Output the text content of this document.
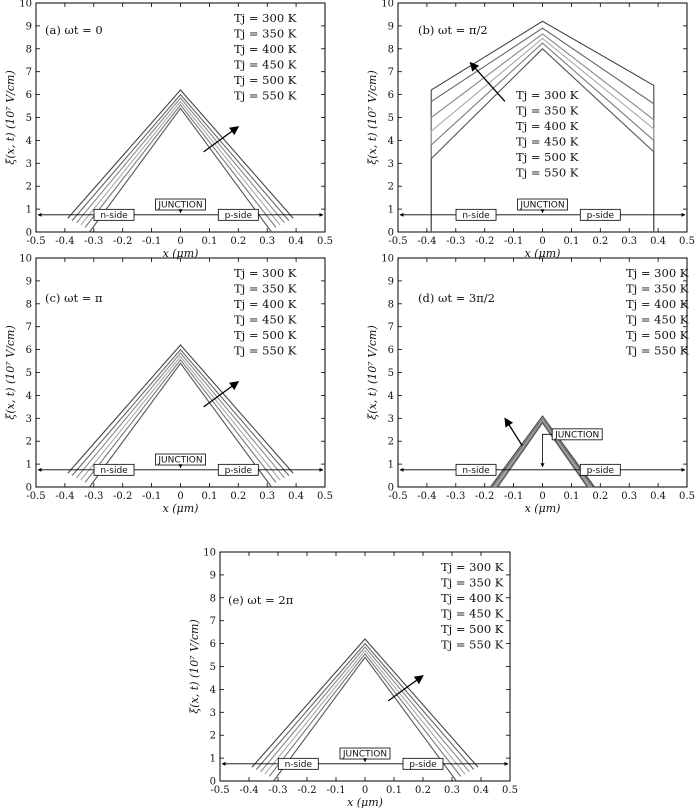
-0.5 -0.4 -0.3 -0.2 -0.1 0 0.1 0.2 0.3 0.4 0.5
0
1
2
3
4
5
6
7
8
9
10
x (μm)
ξ(x, t) (10⁷ V/cm)
n-side	p-side
JUNCTION
(a) ωt = 0
Tj = 300 K
Tj = 350 K
Tj = 400 K
Tj = 450 K
Tj = 500 K
Tj = 550 K
-0.5 -0.4 -0.3 -0.2 -0.1 0 0.1 0.2 0.3 0.4 0.5
0
1
2
3
4
5
6
7
8
9
10
x (μm)
ξ(x, t) (10⁷ V/cm)
n-side	p-side
JUNCTION
(b) ωt = π/2
Tj = 300 K
Tj = 350 K
Tj = 400 K
Tj = 450 K
Tj = 500 K
Tj = 550 K
-0.5 -0.4 -0.3 -0.2 -0.1 0 0.1 0.2 0.3 0.4 0.5
0
1
2
3
4
5
6
7
8
9
10
x (μm)
ξ(x, t) (10⁷ V/cm)
n-side	p-side
JUNCTION
(c) ωt = π
Tj = 300 K
Tj = 350 K
Tj = 400 K
Tj = 450 K
Tj = 500 K
Tj = 550 K
-0.5 -0.4 -0.3 -0.2 -0.1 0 0.1 0.2 0.3 0.4 0.5
0
1
2
3
4
5
6
7
8
9
10
x (μm)
ξ(x, t) (10⁷ V/cm)
n-side	p-side
JUNCTION
(d) ωt = 3π/2
Tj = 300 K
Tj = 350 K
Tj = 400 K
Tj = 450 K
Tj = 500 K
Tj = 550 K
-0.5 -0.4 -0.3 -0.2 -0.1 0 0.1 0.2 0.3 0.4 0.5
0
1
2
3
4
5
6
7
8
9
10
x (μm)
ξ(x, t) (10⁷ V/cm)
n-side	p-side
JUNCTION
(e) ωt = 2π
Tj = 300 K
Tj = 350 K
Tj = 400 K
Tj = 450 K
Tj = 500 K
Tj = 550 K
